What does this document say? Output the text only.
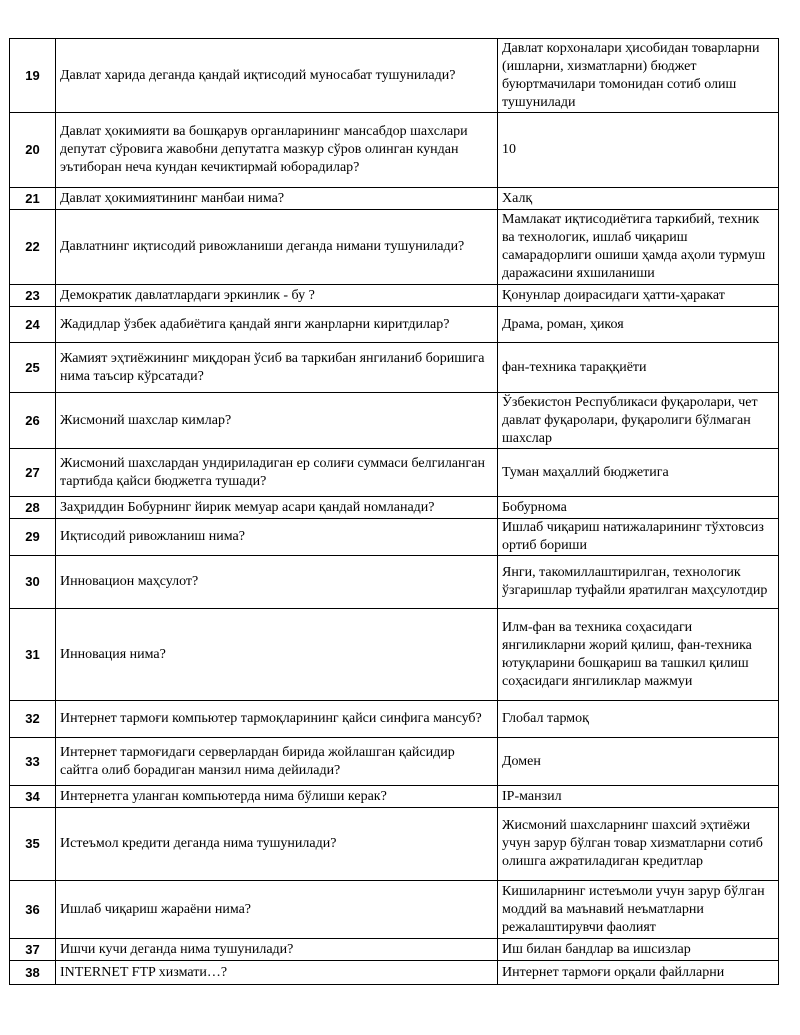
19	Давлат харида деганда қандай иқтисодий муносабат тушунилади?	Давлат корхоналари ҳисобидан товарларни (ишларни, хизматларни) бюджет буюртмачилари томонидан сотиб олиш тушунилади
20	Давлат ҳокимияти ва бошқарув органларининг мансабдор шахслари депутат сўровига жавобни депутатга мазкур сўров олинган кундан эътиборан неча кундан кечиктирмай юборадилар?	10
21	Давлат ҳокимиятининг манбаи нима?	Халқ
22	Давлатнинг иқтисодий ривожланиши деганда нимани тушунилади?	Мамлакат иқтисодиётига таркибий, техник ва технологик, ишлаб чиқариш самарадорлиги ошиши ҳамда аҳоли турмуш даражасини яхшиланиши
23	Демократик давлатлардаги эркинлик - бу ?	Қонунлар доирасидаги ҳатти-ҳаракат
24	Жадидлар ўзбек адабиётига қандай янги жанрларни киритдилар?	Драма, роман, ҳикоя
25	Жамият эҳтиёжининг миқдоран ўсиб ва таркибан янгиланиб боришига нима таъсир кўрсатади?	фан-техника тараққиёти
26	Жисмоний шахслар кимлар?	Ўзбекистон Республикаси фуқаролари, чет давлат фуқаролари, фуқаролиги бўлмаган шахслар
27	Жисмоний шахслардан ундириладиган ер солиғи суммаси белгиланган тартибда қайси бюджетга тушади?	Туман маҳаллий бюджетига
28	Заҳриддин Бобурнинг йирик мемуар асари қандай номланади?	Бобурнома
29	Иқтисодий ривожланиш нима?	Ишлаб чиқариш натижаларининг тўхтовсиз ортиб бориши
30	Инновацион маҳсулот?	Янги, такомиллаштирилган, технологик ўзгаришлар туфайли яратилган маҳсулотдир
31	Инновация нима?	Илм-фан ва техника соҳасидаги янгиликларни жорий қилиш, фан-техника ютуқларини бошқариш ва ташкил қилиш соҳасидаги янгиликлар мажмуи
32	Интернет тармоғи компьютер тармоқларининг қайси синфига мансуб?	Глобал тармоқ
33	Интернет тармоғидаги серверлардан бирида жойлашган қайсидир сайтга олиб борадиган манзил нима дейилади?	Домен
34	Интернетга уланган компьютерда нима бўлиши керак?	IP-манзил
35	Истеъмол кредити деганда нима тушунилади?	Жисмоний шахсларнинг шахсий эҳтиёжи учун зарур бўлган товар хизматларни сотиб олишга ажратиладиган кредитлар
36	Ишлаб чиқариш жараёни нима?	Кишиларнинг истеъмоли учун зарур бўлган моддий ва маънавий неъматларни режалаштирувчи фаолият
37	Ишчи кучи деганда нима тушунилади?	Иш билан бандлар ва ишсизлар
38	INTERNET FTP хизмати…?	Интернет тармоғи орқали файлларни
